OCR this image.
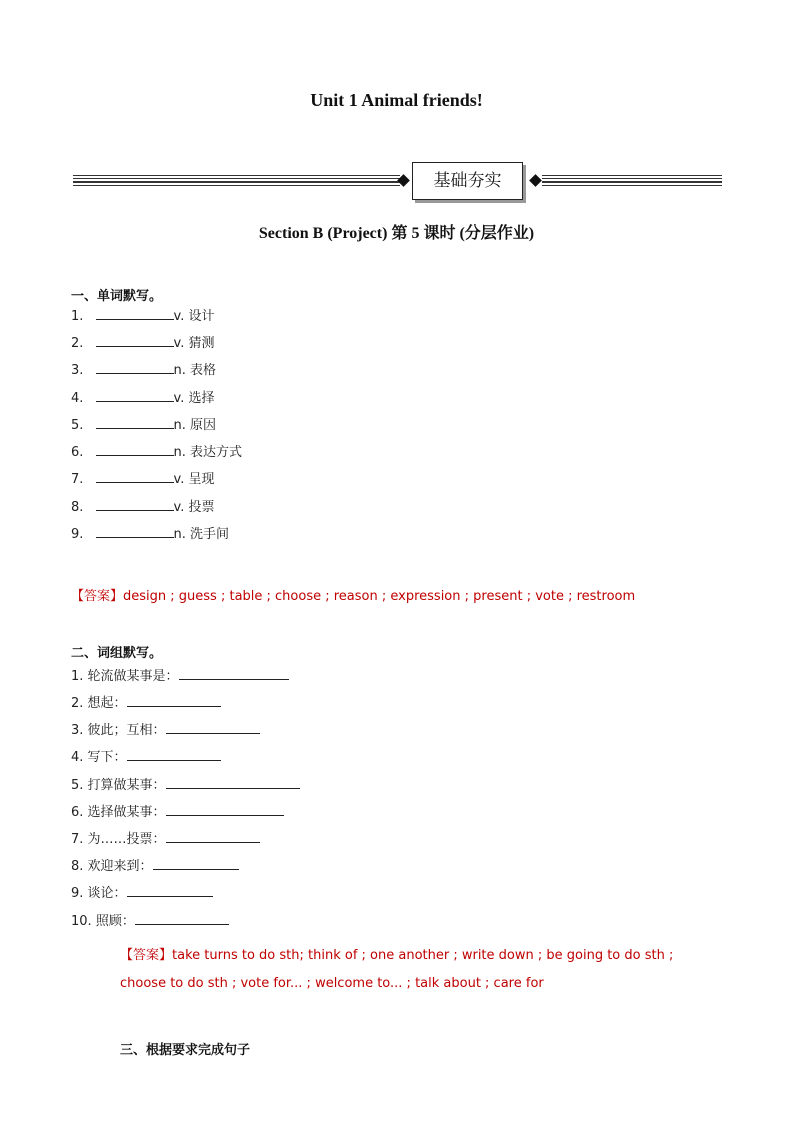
Unit 1 Animal friends!
基础夯实
Section B (Project) 第 5 课时 (分层作业)
一、单词默写。
1.	v. 设计
2.	v. 猜测
3.	n. 表格
4.	v. 选择
5.	n. 原因
6.	n. 表达方式
7.	v. 呈现
8.	v. 投票
9.	n. 洗手间
【答案】design ; guess ; table ; choose ; reason ; expression ; present ; vote ; restroom
二、词组默写。
1. 轮流做某事是：
2. 想起：
3. 彼此；互相：
4. 写下：
5. 打算做某事：
6. 选择做某事：
7. 为……投票：
8. 欢迎来到：
9. 谈论：
10. 照顾：
【答案】take turns to do sth; think of ; one another ; write down ; be going to do sth ;
choose to do sth ; vote for... ; welcome to... ; talk about ; care for
三、根据要求完成句子
